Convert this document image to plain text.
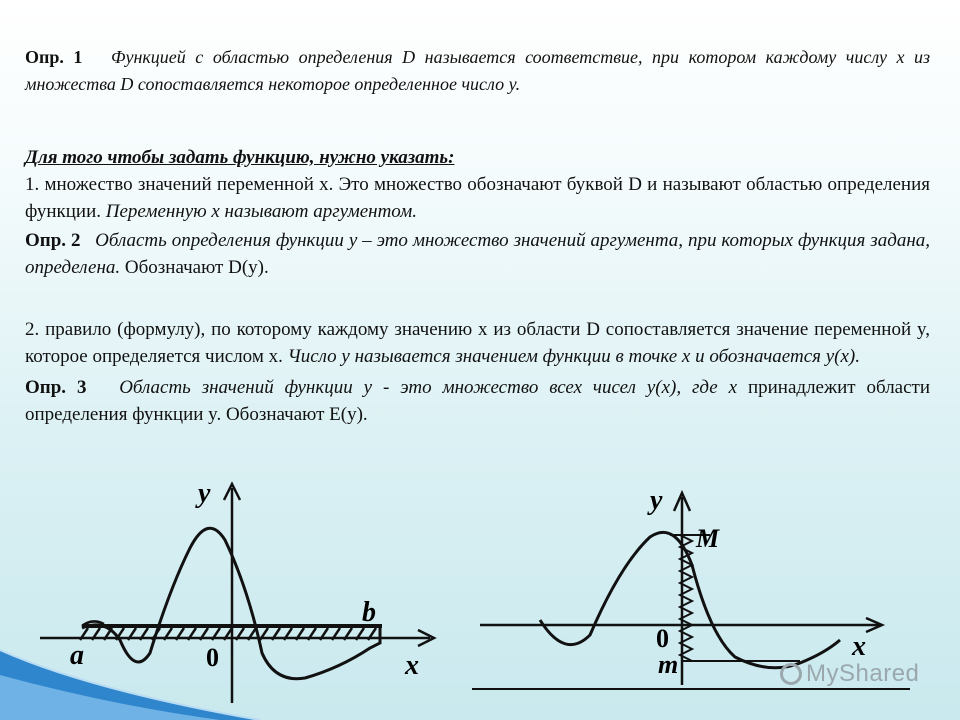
Опр. 1 Функцией с областью определения D называется соответствие, при котором каждому числу x из множества D сопоставляется некоторое определенное число y.
Для того чтобы задать функцию, нужно указать:
1. множество значений переменной x. Это множество обозначают буквой D и называют областью определения функции. Переменную x называют аргументом.
Опр. 2 Область определения функции y – это множество значений аргумента, при которых функция задана, определена. Обозначают D(y).
2. правило (формулу), по которому каждому значению x из области D сопоставляется значение переменной y, которое определяется числом x. Число y называется значением функции в точке x и обозначается y(x).
Опр. 3 Область значений функции y - это множество всех чисел y(x), где x принадлежит области определения функции y. Обозначают E(y).
y
x
a
b
0
y
x
M
m
0
MyShared
